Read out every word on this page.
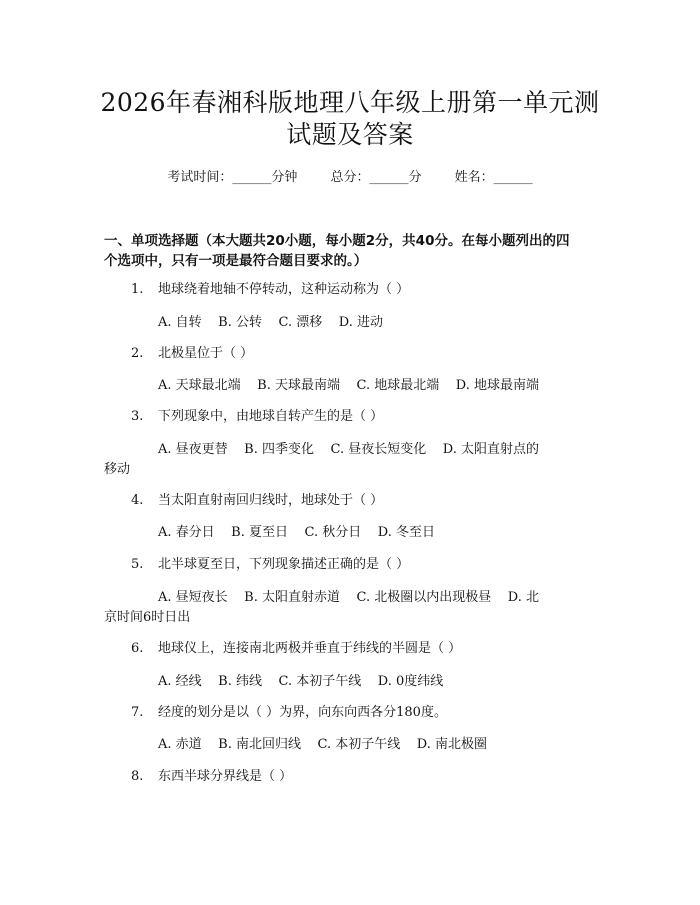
2026年春湘科版地理八年级上册第一单元测
试题及答案
考试时间：______分钟	总分：______分	姓名：______
一、单项选择题（本大题共20小题，每小题2分，共40分。在每小题列出的四
个选项中，只有一项是最符合题目要求的。）
1. 地球绕着地轴不停转动，这种运动称为（ ）
A. 自转    B. 公转    C. 漂移    D. 进动
2. 北极星位于（ ）
A. 天球最北端    B. 天球最南端    C. 地球最北端    D. 地球最南端
3. 下列现象中，由地球自转产生的是（ ）
A. 昼夜更替    B. 四季变化    C. 昼夜长短变化    D. 太阳直射点的
移动
4. 当太阳直射南回归线时，地球处于（ ）
A. 春分日    B. 夏至日    C. 秋分日    D. 冬至日
5. 北半球夏至日，下列现象描述正确的是（ ）
A. 昼短夜长    B. 太阳直射赤道    C. 北极圈以内出现极昼    D. 北
京时间6时日出
6. 地球仪上，连接南北两极并垂直于纬线的半圆是（ ）
A. 经线    B. 纬线    C. 本初子午线    D. 0度纬线
7. 经度的划分是以（ ）为界，向东向西各分180度。
A. 赤道    B. 南北回归线    C. 本初子午线    D. 南北极圈
8. 东西半球分界线是（ ）
